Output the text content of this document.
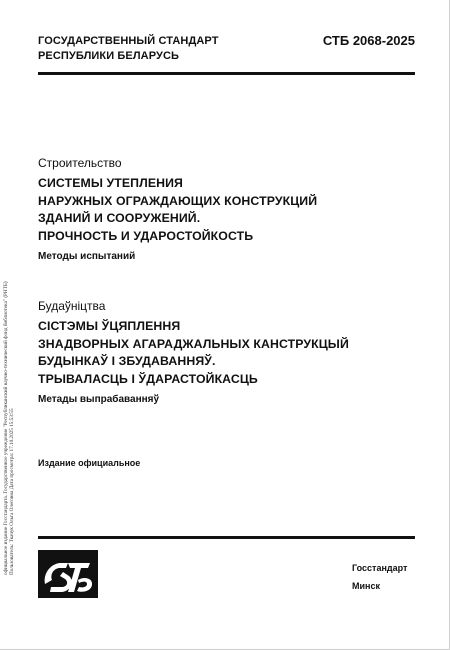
ГОСУДАРСТВЕННЫЙ СТАНДАРТ
РЕСПУБЛИКИ БЕЛАРУСЬ
СТБ 2068-2025
официальное издание Госстандарта. Государственное учреждение "Республиканский научно-технический фонд библиотека" (РНТБ) Пользователь: Ткачук Ольга Олеговна Дата просмотра: 17.10.2025 15:53:55
Строительство
СИСТЕМЫ УТЕПЛЕНИЯ
НАРУЖНЫХ ОГРАЖДАЮЩИХ КОНСТРУКЦИЙ
ЗДАНИЙ И СООРУЖЕНИЙ.
ПРОЧНОСТЬ И УДАРОСТОЙКОСТЬ
Методы испытаний
Будаўніцтва
СІСТЭМЫ ЎЦЯПЛЕННЯ
ЗНАДВОРНЫХ АГАРАДЖАЛЬНЫХ КАНСТРУКЦЫЙ
БУДЫНКАЎ І ЗБУДАВАННЯЎ.
ТРЫВАЛАСЦЬ І ЎДАРАСТОЙКАСЦЬ
Метады выпрабаванняў
Издание официальное
Госстандарт
Минск
